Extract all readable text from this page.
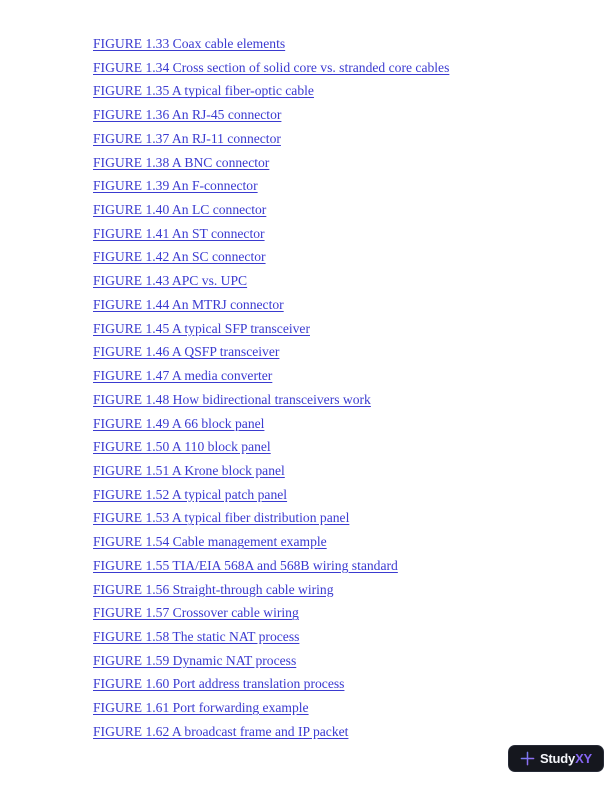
FIGURE 1.33 Coax cable elements
FIGURE 1.34 Cross section of solid core vs. stranded core cables
FIGURE 1.35 A typical fiber-optic cable
FIGURE 1.36 An RJ-45 connector
FIGURE 1.37 An RJ-11 connector
FIGURE 1.38 A BNC connector
FIGURE 1.39 An F-connector
FIGURE 1.40 An LC connector
FIGURE 1.41 An ST connector
FIGURE 1.42 An SC connector
FIGURE 1.43 APC vs. UPC
FIGURE 1.44 An MTRJ connector
FIGURE 1.45 A typical SFP transceiver
FIGURE 1.46 A QSFP transceiver
FIGURE 1.47 A media converter
FIGURE 1.48 How bidirectional transceivers work
FIGURE 1.49 A 66 block panel
FIGURE 1.50 A 110 block panel
FIGURE 1.51 A Krone block panel
FIGURE 1.52 A typical patch panel
FIGURE 1.53 A typical fiber distribution panel
FIGURE 1.54 Cable management example
FIGURE 1.55 TIA/EIA 568A and 568B wiring standard
FIGURE 1.56 Straight-through cable wiring
FIGURE 1.57 Crossover cable wiring
FIGURE 1.58 The static NAT process
FIGURE 1.59 Dynamic NAT process
FIGURE 1.60 Port address translation process
FIGURE 1.61 Port forwarding example
FIGURE 1.62 A broadcast frame and IP packet
StudyXY
